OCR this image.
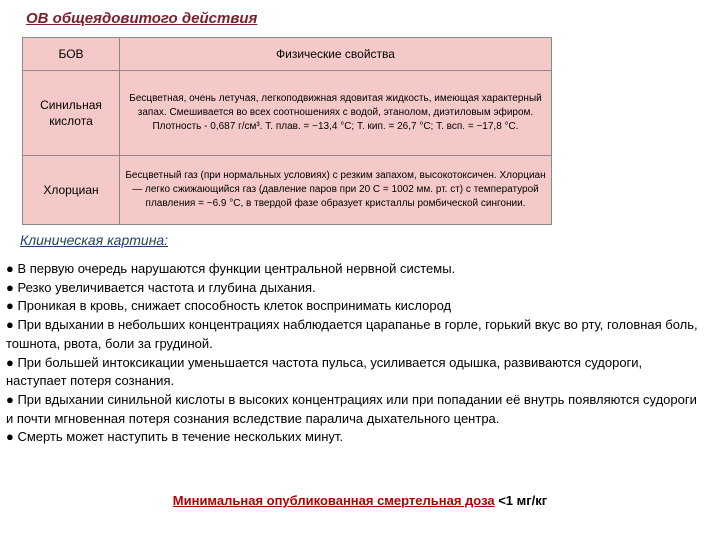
ОВ общеядовитого действия
БОВ	Физические свойства
Синильная кислота	Бесцветная, очень летучая, легкоподвижная ядовитая жидкость, имеющая характерный запах. Смешивается во всех соотношениях с водой, этанолом, диэтиловым эфиром. Плотность - 0,687 г/см³. Т. плав. = −13,4 °C; Т. кип. = 26,7 °C; Т. всп. = −17,8 °C.
Хлорциан	Бесцветный газ (при нормальных условиях) с резким запахом, высокотоксичен. Хлорциан — легко сжижающийся газ (давление паров при 20 C = 1002 мм. рт. ст) с температурой плавления = −6.9 °C, в твердой фазе образует кристаллы ромбической сингонии.
Клиническая картина:
● В первую очередь нарушаются функции центральной нервной системы.
● Резко увеличивается частота и глубина дыхания.
● Проникая в кровь, снижает способность клеток воспринимать кислород
● При вдыхании в небольших концентрациях наблюдается царапанье в горле, горький вкус во рту, головная боль, тошнота, рвота, боли за грудиной.
● При большей интоксикации уменьшается частота пульса, усиливается одышка, развиваются судороги, наступает потеря сознания.
● При вдыхании синильной кислоты в высоких концентрациях или при попадании её внутрь появляются судороги и почти мгновенная потеря сознания вследствие паралича дыхательного центра.
● Смерть может наступить в течение нескольких минут.
Минимальная опубликованная смертельная доза <1 мг/кг
